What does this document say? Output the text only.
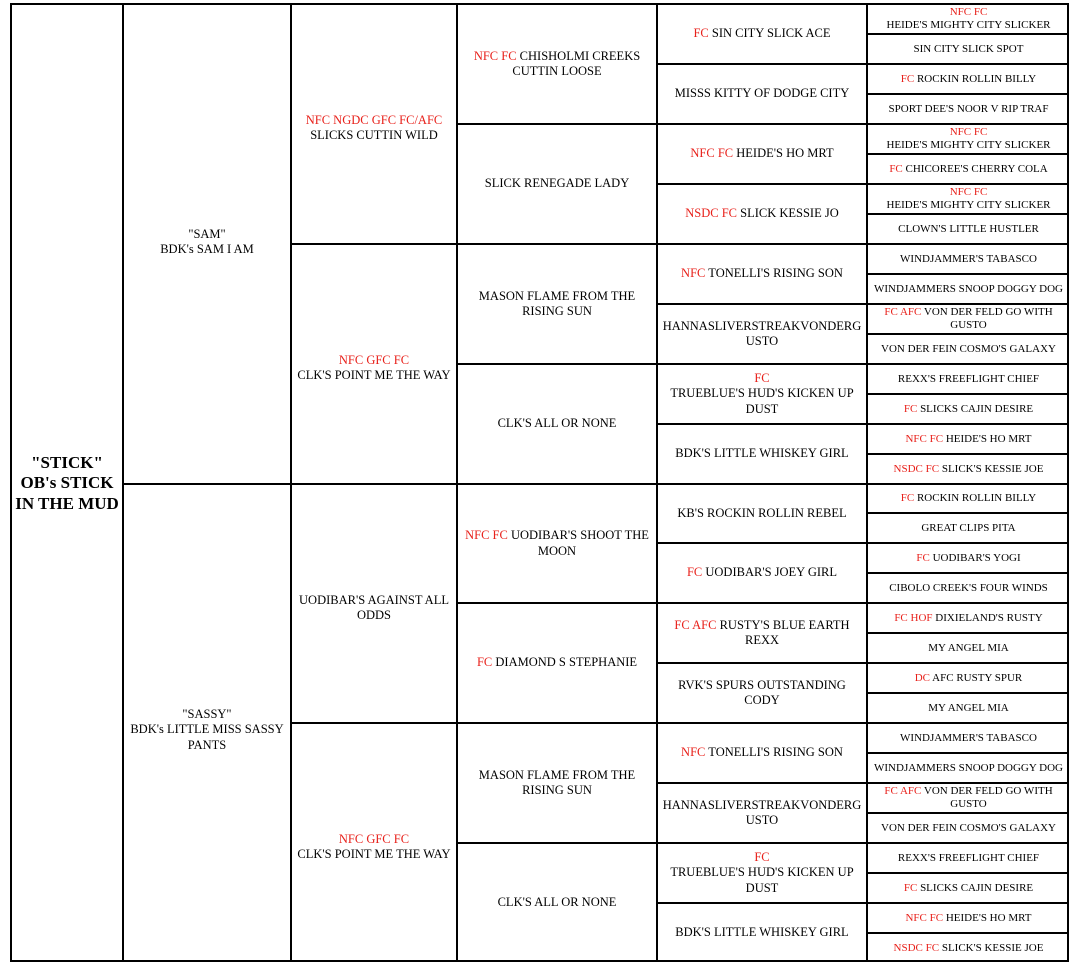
"STICK"
OB's STICK
IN THE MUD
"SAM"
BDK's SAM I AM
"SASSY"
BDK's LITTLE MISS SASSY
PANTS
NFC NGDC GFC FC/AFC
SLICKS CUTTIN WILD
NFC GFC FC
CLK'S POINT ME THE WAY
UODIBAR'S AGAINST ALL
ODDS
NFC GFC FC
CLK'S POINT ME THE WAY
NFC FC CHISHOLMI CREEKS
CUTTIN LOOSE
SLICK RENEGADE LADY
MASON FLAME FROM THE
RISING SUN
CLK'S ALL OR NONE
NFC FC UODIBAR'S SHOOT THE
MOON
FC DIAMOND S STEPHANIE
MASON FLAME FROM THE
RISING SUN
CLK'S ALL OR NONE
FC SIN CITY SLICK ACE
MISSS KITTY OF DODGE CITY
NFC FC HEIDE'S HO MRT
NSDC FC SLICK KESSIE JO
NFC TONELLI'S RISING SON
HANNASLIVERSTREAKVONDERG
USTO
FC
TRUEBLUE'S HUD'S KICKEN UP
DUST
BDK'S LITTLE WHISKEY GIRL
KB'S ROCKIN ROLLIN REBEL
FC UODIBAR'S JOEY GIRL
FC AFC RUSTY'S BLUE EARTH
REXX
RVK'S SPURS OUTSTANDING
CODY
NFC TONELLI'S RISING SON
HANNASLIVERSTREAKVONDERG
USTO
FC
TRUEBLUE'S HUD'S KICKEN UP
DUST
BDK'S LITTLE WHISKEY GIRL
NFC FC
HEIDE'S MIGHTY CITY SLICKER
SIN CITY SLICK SPOT
FC ROCKIN ROLLIN BILLY
SPORT DEE'S NOOR V RIP TRAF
NFC FC
HEIDE'S MIGHTY CITY SLICKER
FC CHICOREE'S CHERRY COLA
NFC FC
HEIDE'S MIGHTY CITY SLICKER
CLOWN'S LITTLE HUSTLER
WINDJAMMER'S TABASCO
WINDJAMMERS SNOOP DOGGY DOG
FC AFC VON DER FELD GO WITH
GUSTO
VON DER FEIN COSMO'S GALAXY
REXX'S FREEFLIGHT CHIEF
FC SLICKS CAJIN DESIRE
NFC FC HEIDE'S HO MRT
NSDC FC SLICK'S KESSIE JOE
FC ROCKIN ROLLIN BILLY
GREAT CLIPS PITA
FC UODIBAR'S YOGI
CIBOLO CREEK'S FOUR WINDS
FC HOF DIXIELAND'S RUSTY
MY ANGEL MIA
DC AFC RUSTY SPUR
MY ANGEL MIA
WINDJAMMER'S TABASCO
WINDJAMMERS SNOOP DOGGY DOG
FC AFC VON DER FELD GO WITH
GUSTO
VON DER FEIN COSMO'S GALAXY
REXX'S FREEFLIGHT CHIEF
FC SLICKS CAJIN DESIRE
NFC FC HEIDE'S HO MRT
NSDC FC SLICK'S KESSIE JOE
